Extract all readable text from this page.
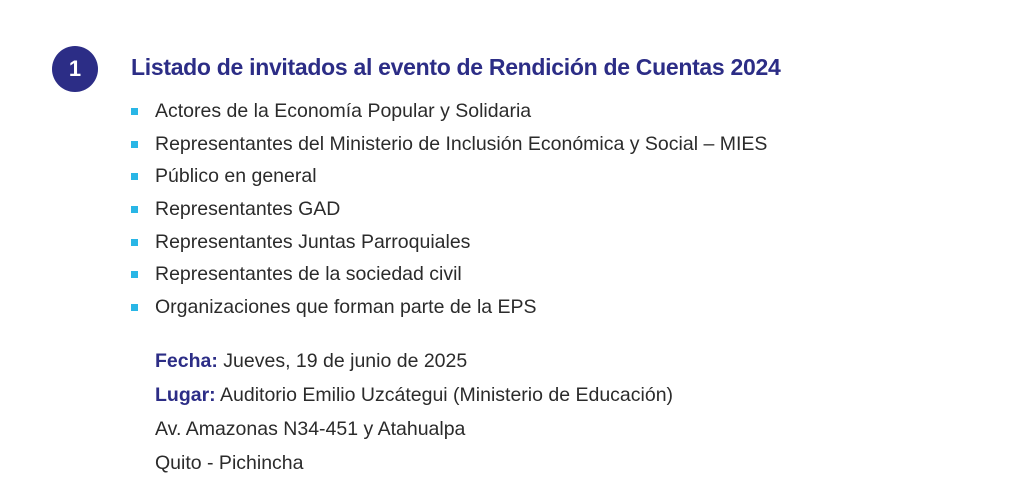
1	Listado de invitados al evento de Rendición de Cuentas 2024
Actores de la Economía Popular y Solidaria
Representantes del Ministerio de Inclusión Económica y Social – MIES
Público en general
Representantes GAD
Representantes Juntas Parroquiales
Representantes de la sociedad civil
Organizaciones que forman parte de la EPS
Fecha: Jueves, 19 de junio de 2025
Lugar: Auditorio Emilio Uzcátegui (Ministerio de Educación)
Av. Amazonas N34-451 y Atahualpa
Quito - Pichincha
